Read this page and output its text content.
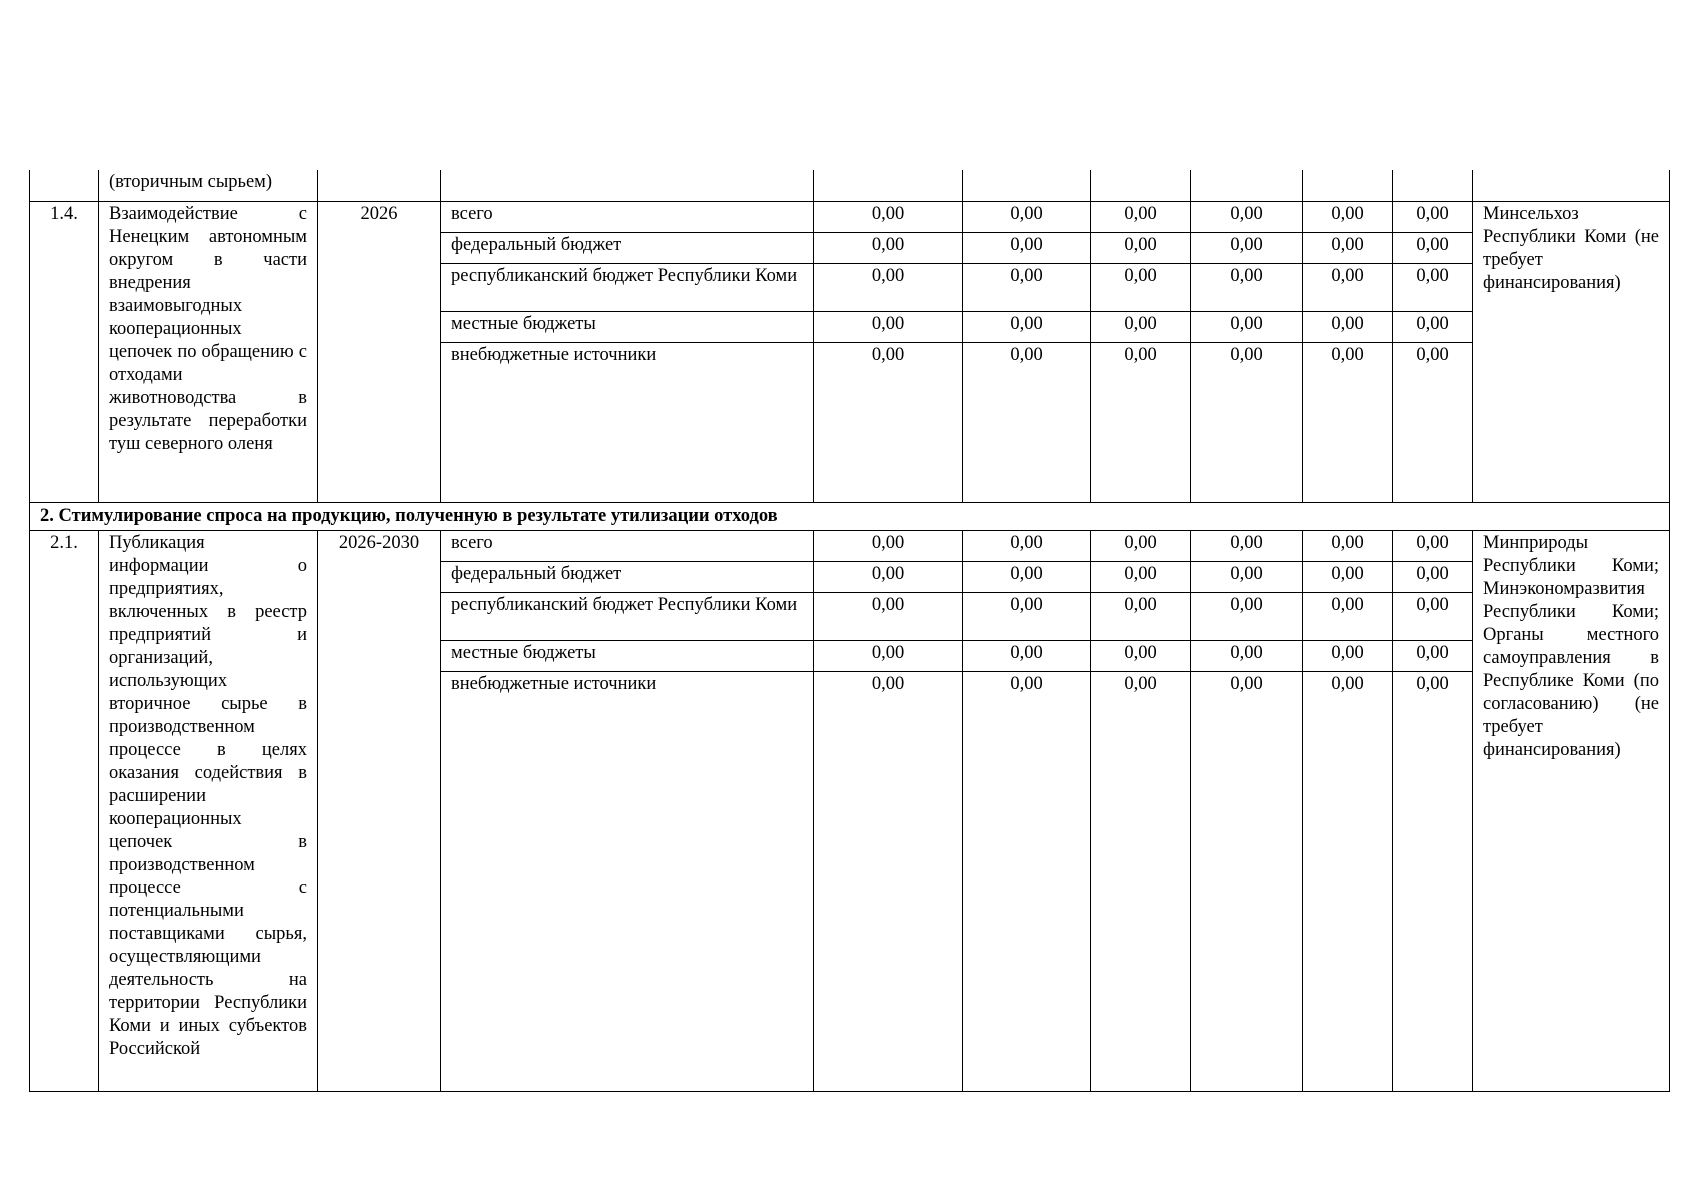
	(вторичным сырьем)									
1.4.	Взаимодействие с Ненецким автономным округом в части внедрения взаимовыгодных кооперационных цепочек по обращению с отходами животноводства в результате переработки туш северного оленя	2026	всего	0,00	0,00	0,00	0,00	0,00	0,00	Минсельхоз Республики Коми (не требует финансирования)
			федеральный бюджет	0,00	0,00	0,00	0,00	0,00	0,00	
			республиканский бюджет Республики Коми	0,00	0,00	0,00	0,00	0,00	0,00	
			местные бюджеты	0,00	0,00	0,00	0,00	0,00	0,00	
			внебюджетные источники	0,00	0,00	0,00	0,00	0,00	0,00	
2. Стимулирование спроса на продукцию, полученную в результате утилизации отходов										
2.1.	Публикация информации о предприятиях, включенных в реестр предприятий и организаций, использующих вторичное сырье в производственном процессе в целях оказания содействия в расширении кооперационных цепочек в производственном процессе с потенциальными поставщиками сырья, осуществляющими деятельность на территории Республики Коми и иных субъектов Российской	2026-2030	всего	0,00	0,00	0,00	0,00	0,00	0,00	Минприроды Республики Коми; Минэкономразвития Республики Коми; Органы местного самоуправления в Республике Коми (по согласованию) (не требует финансирования)
			федеральный бюджет	0,00	0,00	0,00	0,00	0,00	0,00	
			республиканский бюджет Республики Коми	0,00	0,00	0,00	0,00	0,00	0,00	
			местные бюджеты	0,00	0,00	0,00	0,00	0,00	0,00	
			внебюджетные источники	0,00	0,00	0,00	0,00	0,00	0,00	
